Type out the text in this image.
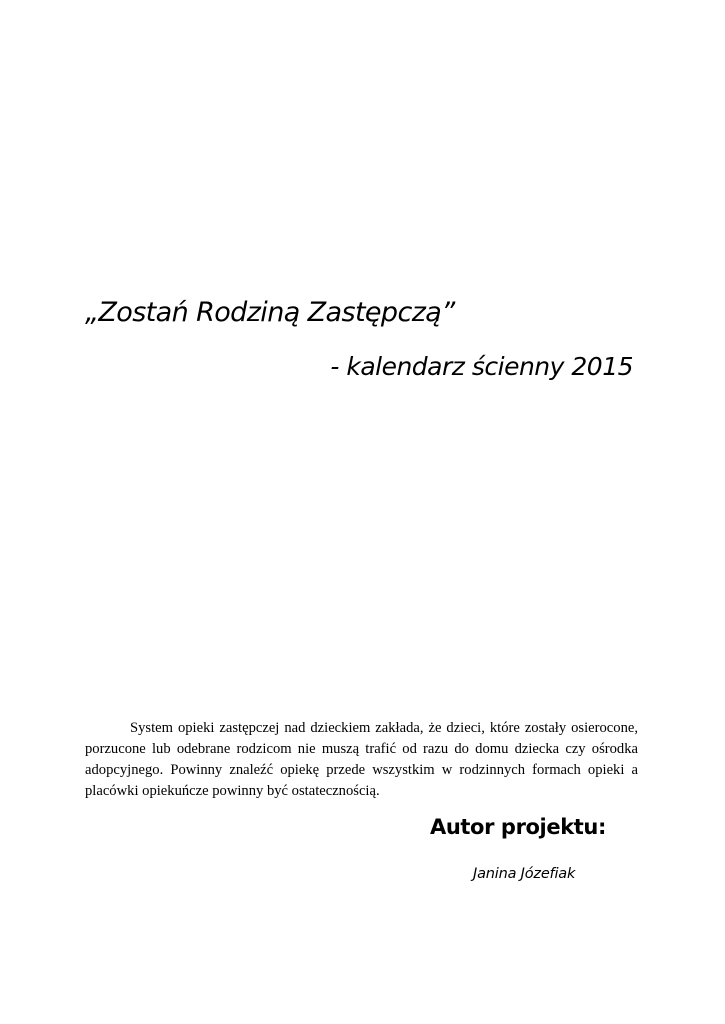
„Zostań Rodziną Zastępczą”
- kalendarz ścienny 2015

System opieki zastępczej nad dzieckiem zakłada, że dzieci, które zostały osierocone, porzucone lub odebrane rodzicom nie muszą trafić od razu do domu dziecka czy ośrodka adopcyjnego. Powinny znaleźć opiekę przede wszystkim w rodzinnych formach opieki a placówki opiekuńcze powinny być ostatecznością.

Autor projektu:

Janina Józefiak
